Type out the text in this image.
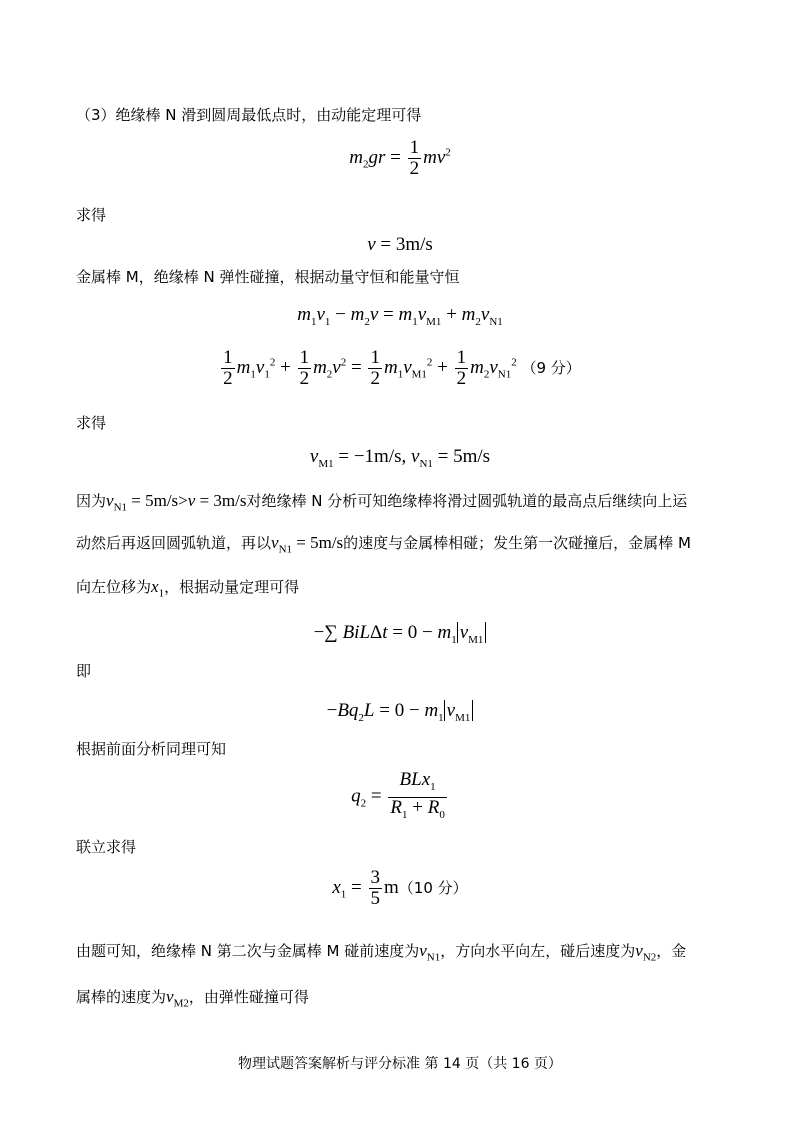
（3）绝缘棒 N 滑到圆周最低点时，由动能定理可得
$m_2gr = \frac{1}{2} mv^2$
求得
v = 3m/s
金属棒 M，绝缘棒 N 弹性碰撞，根据动量守恒和能量守恒
$m_1v_1 - m_2v = m_1v_{M1} + m_2v_{N1}$
$\frac{1}{2} m_1v_1^2 + \frac{1}{2} m_2v^2 = \frac{1}{2} m_1v_{M1}^2 + \frac{1}{2} m_2v_{N1}^2$ （9 分）
求得
$v_{M1} = -1m/s$, $v_{N1} = 5m/s$
因为$v_{N1} = 5m/s>v = 3m/s$对绝缘棒 N 分析可知绝缘棒将滑过圆弧轨道的最高点后继续向上运
动然后再返回圆弧轨道，再以$v_{N1} = 5m/s$的速度与金属棒相碰；发生第一次碰撞后，金属棒 M
向左位移为$x_1$，根据动量定理可得
−∑ $BiL\Delta t = 0 - m_1$ $v_{M1}$
即
$-Bq_2L = 0 - m_1$ $v_{M1}$
根据前面分析同理可知
$q_2 = \frac{BLx_1}{R_1 + R_0}$
联立求得
$x_1 = \frac{3}{5} m(10$ 分）
由题可知，绝缘棒 N 第二次与金属棒 M 碰前速度为$v_{N1}$，方向水平向左，碰后速度为$v_{N2}$，金
属棒的速度为$v_{M2}$，由弹性碰撞可得
物理试题答案解析与评分标准 第 14 页（共 16 页）
